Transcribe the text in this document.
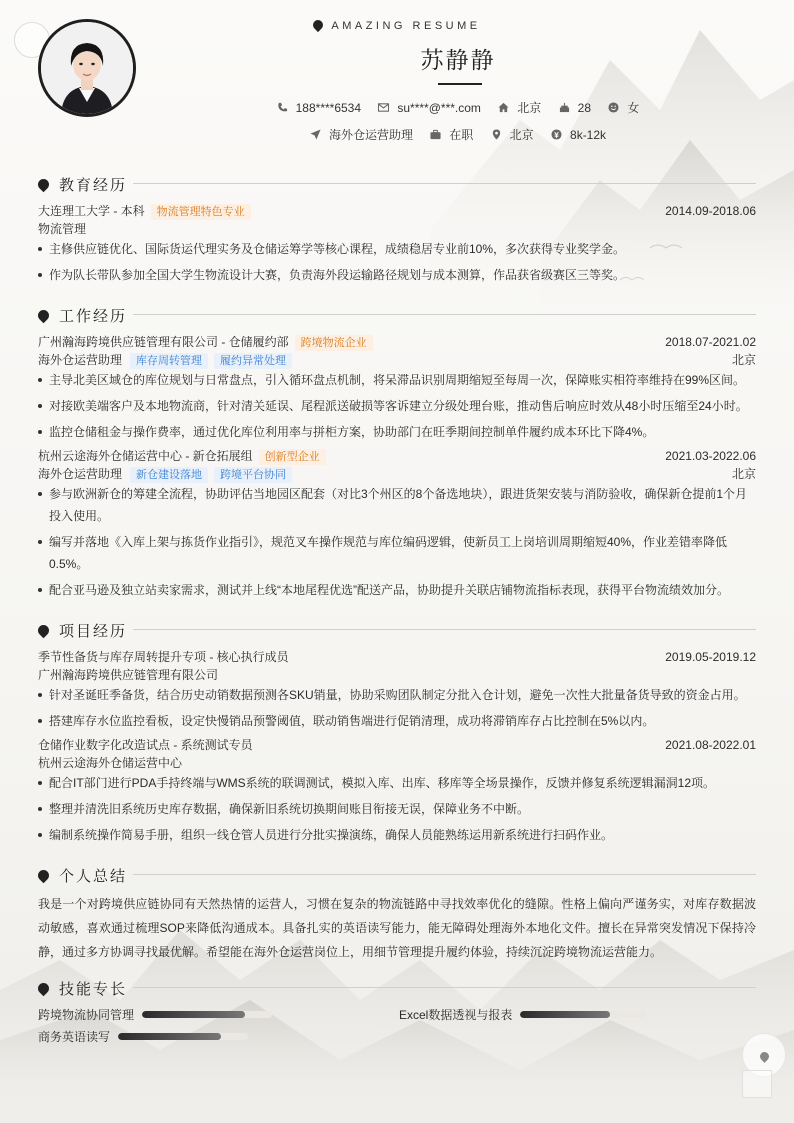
AMAZING RESUME
苏静静
188****6534	su****@***.com	北京	28	女
海外仓运营助理	在职	北京	8k-12k
教育经历
大连理工大学 - 本科 物流管理特色专业	2014.09-2018.06
物流管理
主修供应链优化、国际货运代理实务及仓储运筹学等核心课程，成绩稳居专业前10%，多次获得专业奖学金。
作为队长带队参加全国大学生物流设计大赛，负责海外段运输路径规划与成本测算，作品获省级赛区三等奖。
工作经历
广州瀚海跨境供应链管理有限公司 - 仓储履约部 跨境物流企业	2018.07-2021.02
海外仓运营助理 库存周转管理 履约异常处理	北京
主导北美区域仓的库位规划与日常盘点，引入循环盘点机制，将呆滞品识别周期缩短至每周一次，保障账实相符率维持在99%区间。
对接欧美端客户及本地物流商，针对清关延误、尾程派送破损等客诉建立分级处理台账，推动售后响应时效从48小时压缩至24小时。
监控仓储租金与操作费率，通过优化库位利用率与拼柜方案，协助部门在旺季期间控制单件履约成本环比下降4%。
杭州云途海外仓储运营中心 - 新仓拓展组 创新型企业	2021.03-2022.06
海外仓运营助理 新仓建设落地 跨境平台协同	北京
参与欧洲新仓的筹建全流程，协助评估当地园区配套（对比3个州区的8个备选地块），跟进货架安装与消防验收，确保新仓提前1个月投入使用。
编写并落地《入库上架与拣货作业指引》，规范叉车操作规范与库位编码逻辑，使新员工上岗培训周期缩短40%，作业差错率降低0.5%。
配合亚马逊及独立站卖家需求，测试并上线“本地尾程优选”配送产品，协助提升关联店铺物流指标表现，获得平台物流绩效加分。
项目经历
季节性备货与库存周转提升专项 - 核心执行成员	2019.05-2019.12
广州瀚海跨境供应链管理有限公司
针对圣诞旺季备货，结合历史动销数据预测各SKU销量，协助采购团队制定分批入仓计划，避免一次性大批量备货导致的资金占用。
搭建库存水位监控看板，设定快慢销品预警阈值，联动销售端进行促销清理，成功将滞销库存占比控制在5%以内。
仓储作业数字化改造试点 - 系统测试专员	2021.08-2022.01
杭州云途海外仓储运营中心
配合IT部门进行PDA手持终端与WMS系统的联调测试，模拟入库、出库、移库等全场景操作，反馈并修复系统逻辑漏洞12项。
整理并清洗旧系统历史库存数据，确保新旧系统切换期间账目衔接无误，保障业务不中断。
编制系统操作简易手册，组织一线仓管人员进行分批实操演练，确保人员能熟练运用新系统进行扫码作业。
个人总结
我是一个对跨境供应链协同有天然热情的运营人，习惯在复杂的物流链路中寻找效率优化的缝隙。性格上偏向严谨务实，对库存数据波动敏感，喜欢通过梳理SOP来降低沟通成本。具备扎实的英语读写能力，能无障碍处理海外本地化文件。擅长在异常突发情况下保持冷静，通过多方协调寻找最优解。希望能在海外仓运营岗位上，用细节管理提升履约体验，持续沉淀跨境物流运营能力。
技能专长
跨境物流协同管理	Excel数据透视与报表
商务英语读写
